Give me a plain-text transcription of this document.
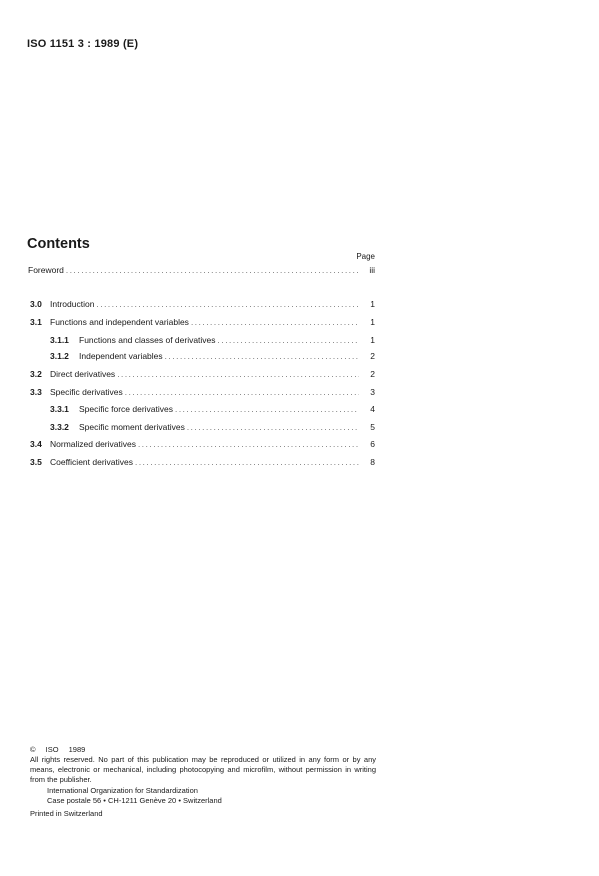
ISO 1151 3 : 1989 (E)
Contents
Page
Foreword .....	iii
3.0 Introduction .....	1
3.1 Functions and independent variables .....	1
3.1.1	Functions and classes of derivatives .....	1
3.1.2	Independent variables .....	2
3.2 Direct derivatives .....	2
3.3 Specific derivatives .....	3
3.3.1	Specific force derivatives .....	4
3.3.2	Specific moment derivatives .....	5
3.4 Normalized derivatives .....	6
3.5 Coefficient derivatives .....	8
© ISO 1989
All rights reserved. No part of this publication may be reproduced or utilized in any form or by any means, electronic or mechanical, including photocopying and microfilm, without permission in writing from the publisher.
International Organization for Standardization
Case postale 56 • CH-1211 Genève 20 • Switzerland
Printed in Switzerland
